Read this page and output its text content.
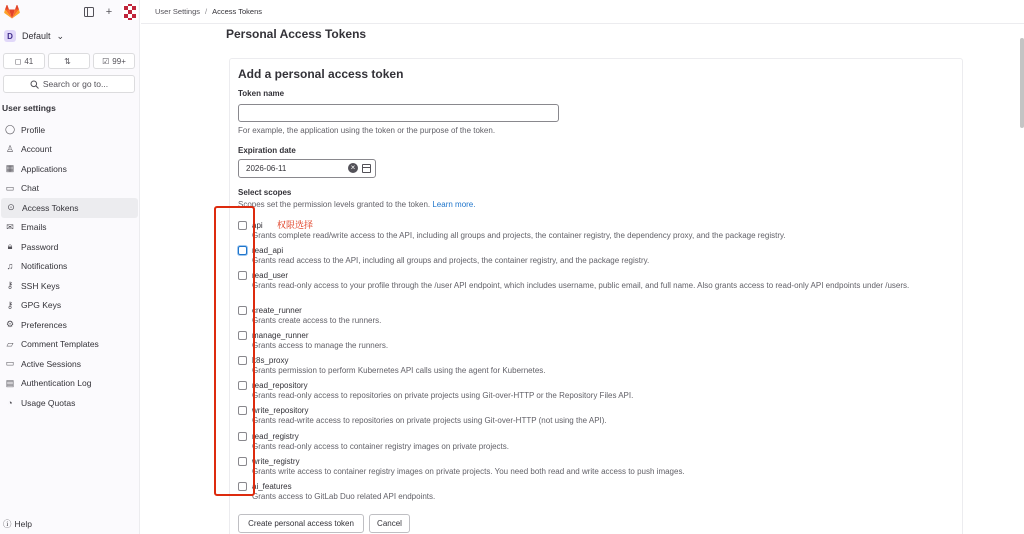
+
D	Default ⌄
◻ 41	⇅	☑ 99+
Search or go to...
User settings
◯ Profile
♙ Account
▦ Applications
▭ Chat
⊙ Access Tokens
✉ Emails
🔒︎	Password
♫ Notifications
⚷ SSH Keys
⚷ GPG Keys
⚙ Preferences
▱ Comment Templates
▭ Active Sessions
▤ Authentication Log
◔ Usage Quotas
ⓘ Help
User Settings / Access Tokens
Personal Access Tokens
Add a personal access token
Token name
For example, the application using the token or the purpose of the token.
Expiration date
2026-06-11	×
Select scopes
Scopes set the permission levels granted to the token. Learn more.
api
Grants complete read/write access to the API, including all groups and projects, the container registry, the dependency proxy, and the package registry.
read_api
Grants read access to the API, including all groups and projects, the container registry, and the package registry.
read_user
Grants read-only access to your profile through the /user API endpoint, which includes username, public email, and full name. Also grants access to read-only API endpoints under /users.
create_runner
Grants create access to the runners.
manage_runner
Grants access to manage the runners.
k8s_proxy
Grants permission to perform Kubernetes API calls using the agent for Kubernetes.
read_repository
Grants read-only access to repositories on private projects using Git-over-HTTP or the Repository Files API.
write_repository
Grants read-write access to repositories on private projects using Git-over-HTTP (not using the API).
read_registry
Grants read-only access to container registry images on private projects.
write_registry
Grants write access to container registry images on private projects. You need both read and write access to push images.
ai_features
Grants access to GitLab Duo related API endpoints.
权限选择
Create personal access token	Cancel
